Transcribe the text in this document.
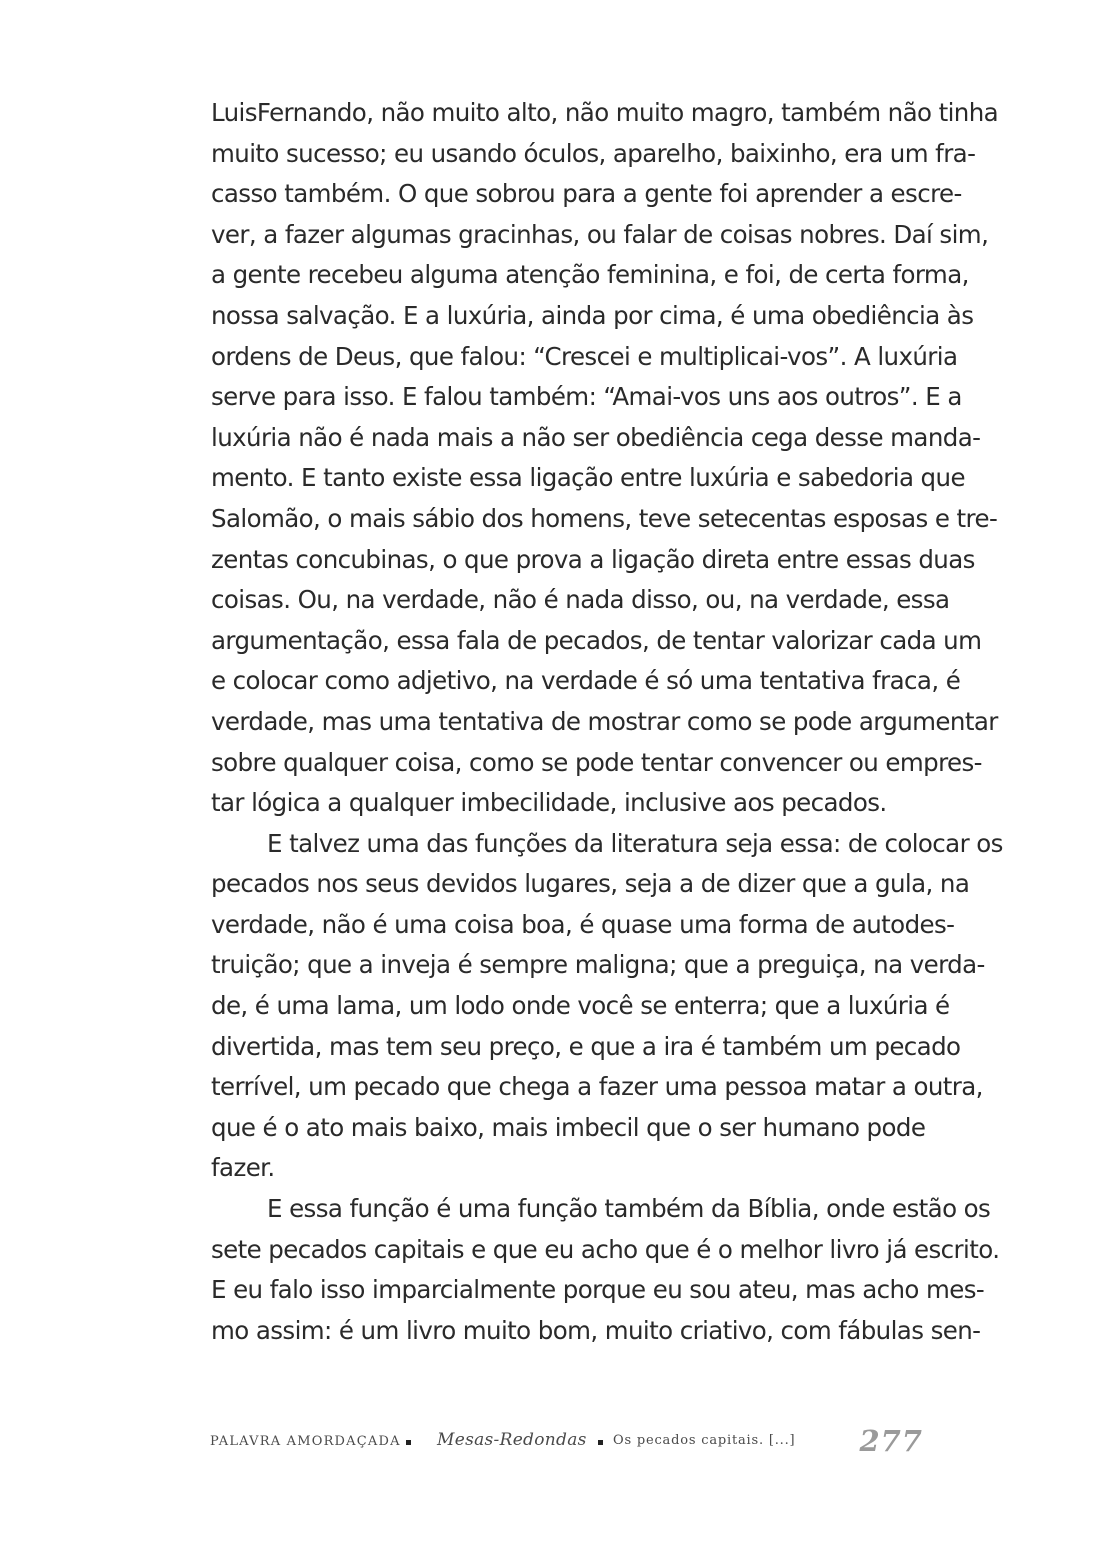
LuisFernando, não muito alto, não muito magro, também não tinha
muito sucesso; eu usando óculos, aparelho, baixinho, era um fra-
casso também. O que sobrou para a gente foi aprender a escre-
ver, a fazer algumas gracinhas, ou falar de coisas nobres. Daí sim,
a gente recebeu alguma atenção feminina, e foi, de certa forma,
nossa salvação. E a luxúria, ainda por cima, é uma obediência às
ordens de Deus, que falou: “Crescei e multiplicai-vos”. A luxúria
serve para isso. E falou também: “Amai-vos uns aos outros”. E a
luxúria não é nada mais a não ser obediência cega desse manda-
mento. E tanto existe essa ligação entre luxúria e sabedoria que
Salomão, o mais sábio dos homens, teve setecentas esposas e tre-
zentas concubinas, o que prova a ligação direta entre essas duas
coisas. Ou, na verdade, não é nada disso, ou, na verdade, essa
argumentação, essa fala de pecados, de tentar valorizar cada um
e colocar como adjetivo, na verdade é só uma tentativa fraca, é
verdade, mas uma tentativa de mostrar como se pode argumentar
sobre qualquer coisa, como se pode tentar convencer ou empres-
tar lógica a qualquer imbecilidade, inclusive aos pecados.
E talvez uma das funções da literatura seja essa: de colocar os
pecados nos seus devidos lugares, seja a de dizer que a gula, na
verdade, não é uma coisa boa, é quase uma forma de autodes-
truição; que a inveja é sempre maligna; que a preguiça, na verda-
de, é uma lama, um lodo onde você se enterra; que a luxúria é
divertida, mas tem seu preço, e que a ira é também um pecado
terrível, um pecado que chega a fazer uma pessoa matar a outra,
que é o ato mais baixo, mais imbecil que o ser humano pode
fazer.
E essa função é uma função também da Bíblia, onde estão os
sete pecados capitais e que eu acho que é o melhor livro já escrito.
E eu falo isso imparcialmente porque eu sou ateu, mas acho mes-
mo assim: é um livro muito bom, muito criativo, com fábulas sen-
PALAVRA AMORDAÇADA Mesas-Redondas Os pecados capitais. [...] 277
